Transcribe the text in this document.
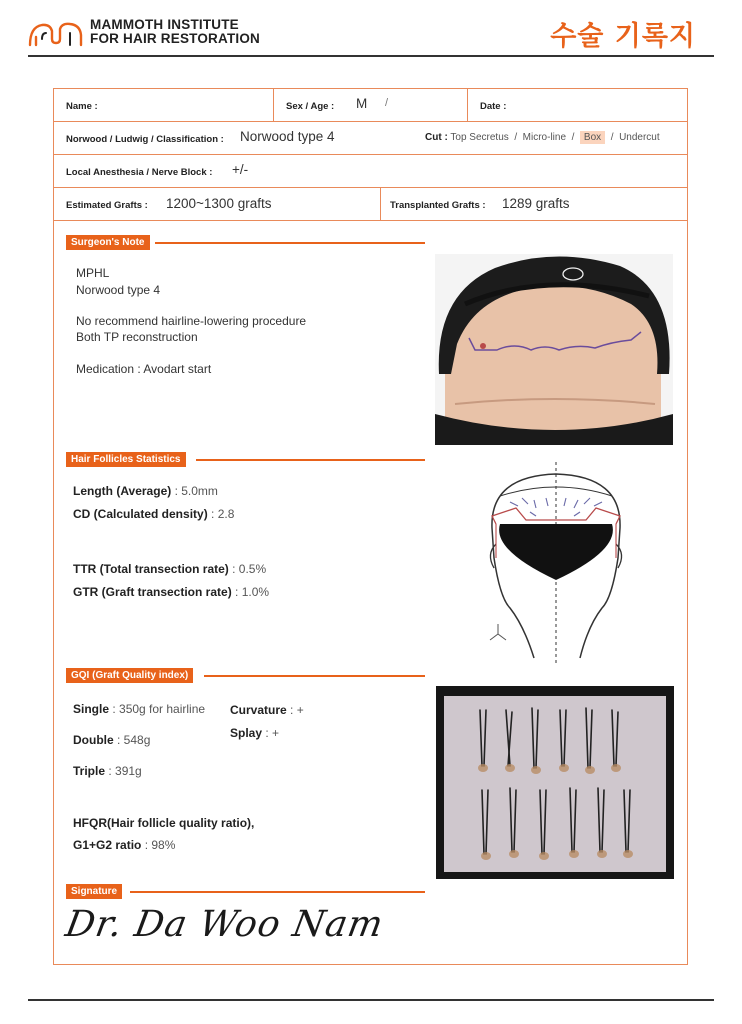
MAMMOTH INSTITUTE
FOR HAIR RESTORATION	수술 기록지
Name :	Sex / Age : M /	Date :
Norwood / Ludwig / Classification : Norwood type 4	Cut : Top Secretus  /  Micro-line  /  Box  /  Undercut
Local Anesthesia / Nerve Block : +/-
Estimated Grafts : 1200~1300 grafts	Transplanted Grafts : 1289 grafts
Surgeon's Note
MPHL
Norwood type 4
No recommend hairline-lowering procedure
Both TP reconstruction
Medication : Avodart start
Hair Follicles Statistics
Length (Average) : 5.0mm
CD (Calculated density) : 2.8
TTR (Total transection rate) : 0.5%
GTR (Graft transection rate) : 1.0%
GQI (Graft Quality index)
Single : 350g for hairline Curvature : +
Splay : +
Double : 548g
Triple : 391g
HFQR(Hair follicle quality ratio),
G1+G2 ratio : 98%
Signature
Dr. Da Woo Nam
